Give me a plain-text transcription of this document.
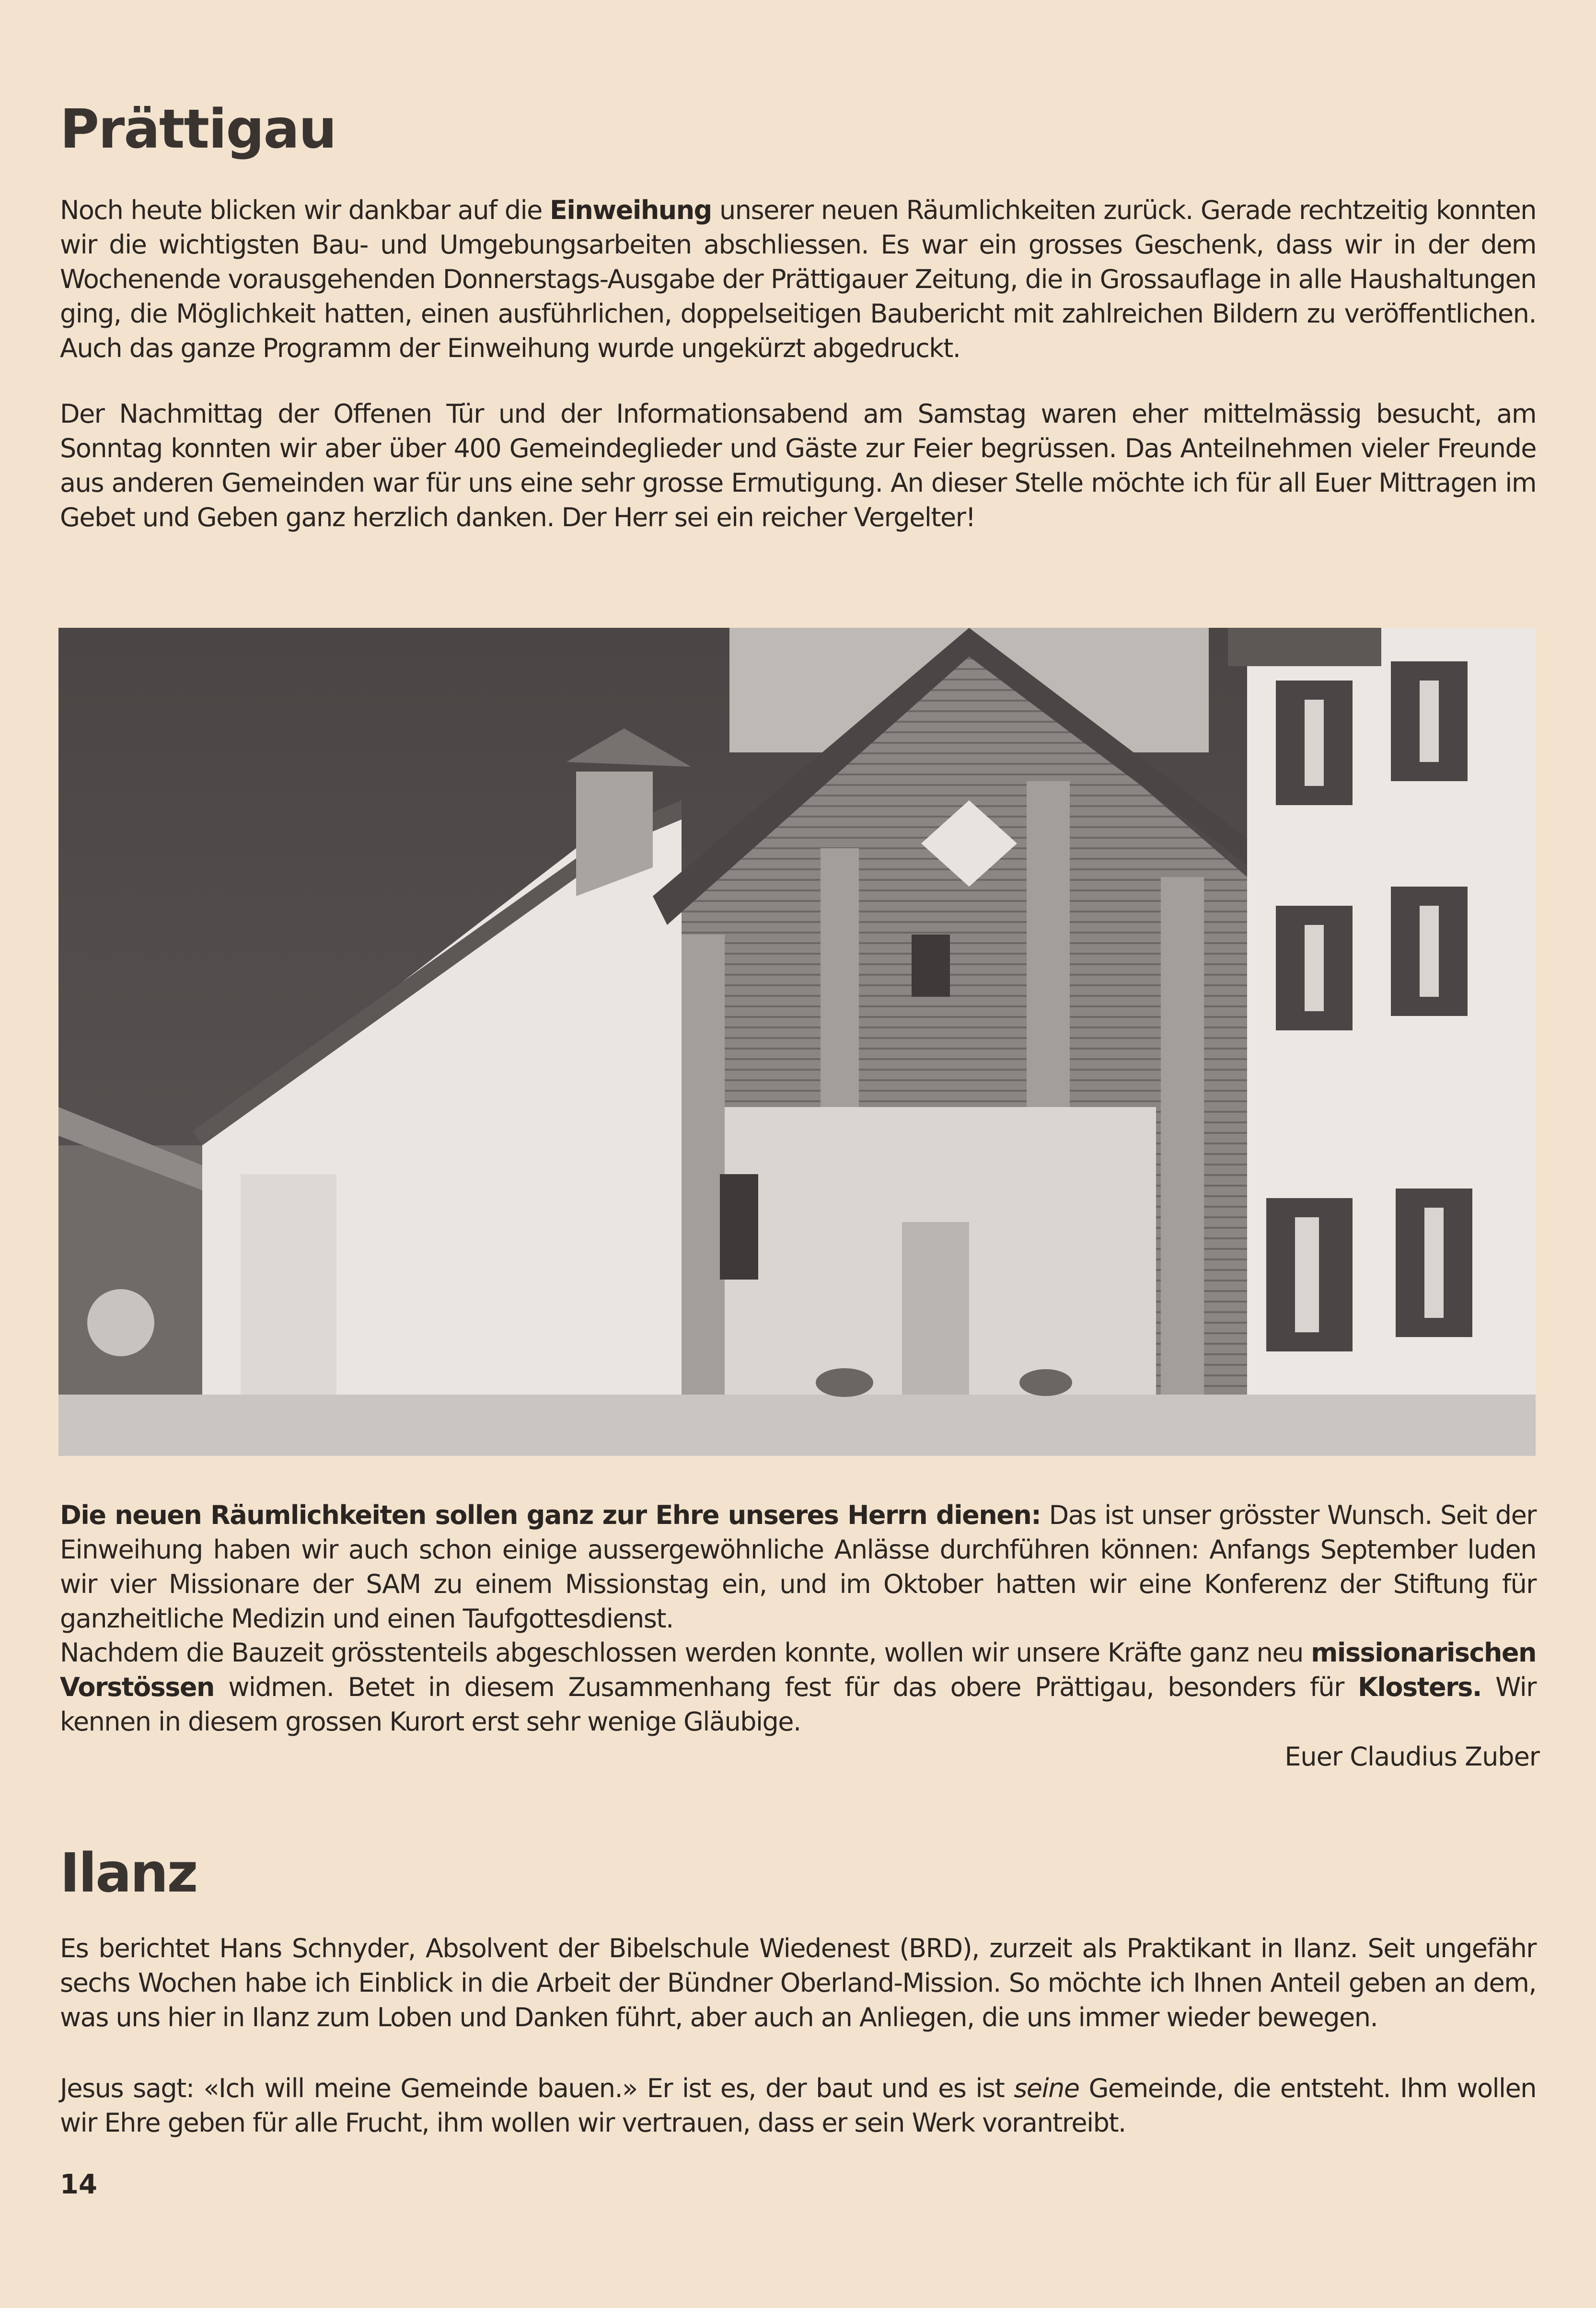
Prättigau

Noch heute blicken wir dankbar auf die Einweihung unserer neuen Räumlichkeiten zurück. Gerade rechtzeitig konnten wir die wichtigsten Bau- und Umgebungsarbeiten abschliessen. Es war ein grosses Geschenk, dass wir in der dem Wochenende vorausgehenden Donnerstags-Ausgabe der Prättigauer Zeitung, die in Grossauflage in alle Haushaltungen ging, die Möglichkeit hatten, einen ausführlichen, doppelseitigen Baubericht mit zahlreichen Bildern zu veröffentlichen. Auch das ganze Programm der Einweihung wurde ungekürzt abgedruckt.

Der Nachmittag der Offenen Tür und der Informationsabend am Samstag waren eher mittelmässig besucht, am Sonntag konnten wir aber über 400 Gemeindeglieder und Gäste zur Feier begrüssen. Das Anteilnehmen vieler Freunde aus anderen Gemeinden war für uns eine sehr grosse Ermutigung. An dieser Stelle möchte ich für all Euer Mittragen im Gebet und Geben ganz herzlich danken. Der Herr sei ein reicher Vergelter!

Die neuen Räumlichkeiten sollen ganz zur Ehre unseres Herrn dienen: Das ist unser grösster Wunsch. Seit der Einweihung haben wir auch schon einige aussergewöhnliche Anlässe durchführen können: Anfangs September luden wir vier Missionare der SAM zu einem Missionstag ein, und im Oktober hatten wir eine Konferenz der Stiftung für ganzheitliche Medizin und einen Taufgottesdienst.

Nachdem die Bauzeit grösstenteils abgeschlossen werden konnte, wollen wir unsere Kräfte ganz neu missionarischen Vorstössen widmen. Betet in diesem Zusammenhang fest für das obere Prättigau, besonders für Klosters. Wir kennen in diesem grossen Kurort erst sehr wenige Gläubige.

Euer Claudius Zuber

Ilanz

Es berichtet Hans Schnyder, Absolvent der Bibelschule Wiedenest (BRD), zurzeit als Praktikant in Ilanz. Seit ungefähr sechs Wochen habe ich Einblick in die Arbeit der Bündner Oberland-Mission. So möchte ich Ihnen Anteil geben an dem, was uns hier in Ilanz zum Loben und Danken führt, aber auch an Anliegen, die uns immer wieder bewegen.

Jesus sagt: «Ich will meine Gemeinde bauen.» Er ist es, der baut und es ist seine Gemeinde, die entsteht. Ihm wollen wir Ehre geben für alle Frucht, ihm wollen wir vertrauen, dass er sein Werk vorantreibt.

14
